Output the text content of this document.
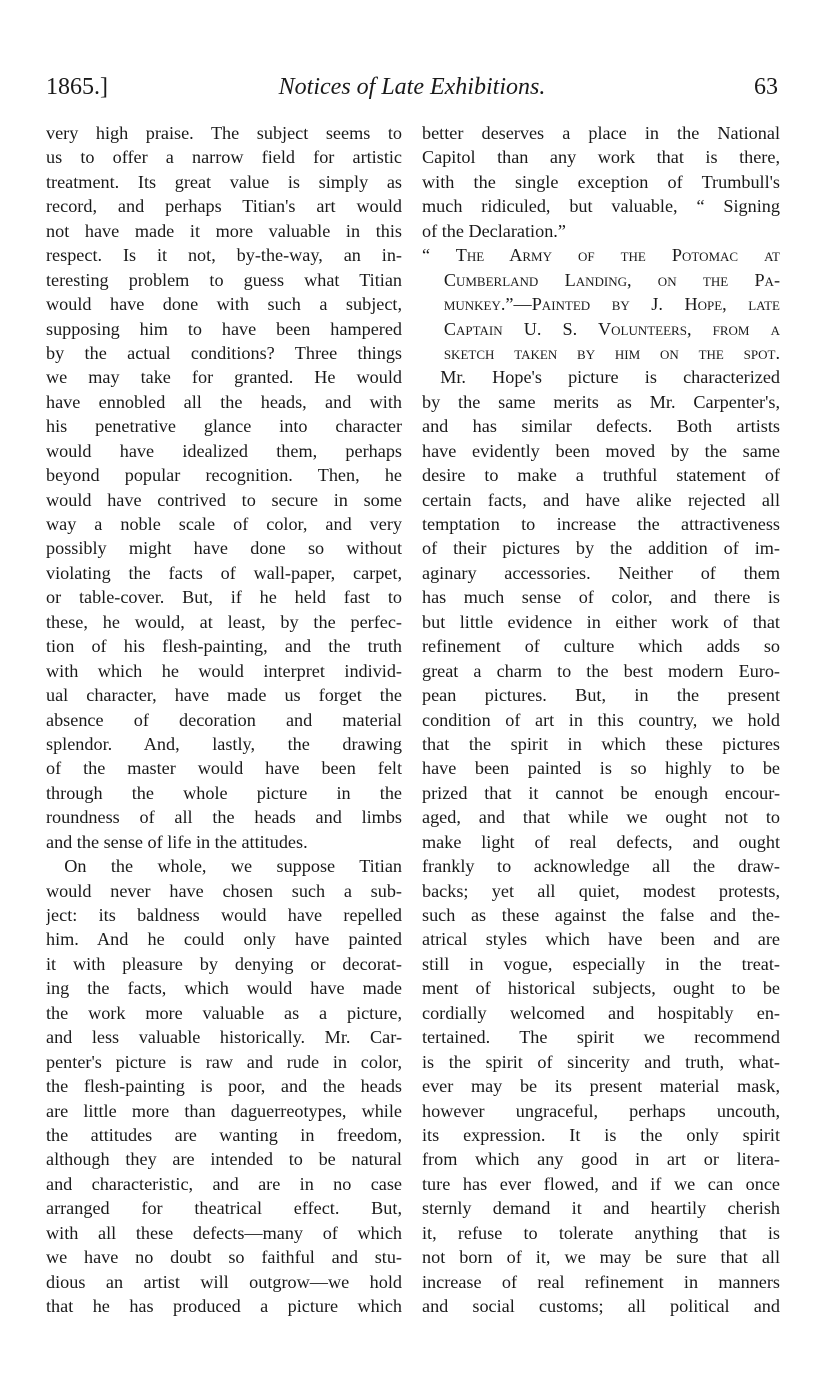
1865.]	Notices of Late Exhibitions.	63
very high praise. The subject seems to
us to offer a narrow field for artistic
treatment. Its great value is simply as
record, and perhaps Titian's art would
not have made it more valuable in this
respect. Is it not, by-the-way, an in-
teresting problem to guess what Titian
would have done with such a subject,
supposing him to have been hampered
by the actual conditions? Three things
we may take for granted. He would
have ennobled all the heads, and with
his penetrative glance into character
would have idealized them, perhaps
beyond popular recognition. Then, he
would have contrived to secure in some
way a noble scale of color, and very
possibly might have done so without
violating the facts of wall-paper, carpet,
or table-cover. But, if he held fast to
these, he would, at least, by the perfec-
tion of his flesh-painting, and the truth
with which he would interpret individ-
ual character, have made us forget the
absence of decoration and material
splendor. And, lastly, the drawing
of the master would have been felt
through the whole picture in the
roundness of all the heads and limbs
and the sense of life in the attitudes.
On the whole, we suppose Titian
would never have chosen such a sub-
ject: its baldness would have repelled
him. And he could only have painted
it with pleasure by denying or decorat-
ing the facts, which would have made
the work more valuable as a picture,
and less valuable historically. Mr. Car-
penter's picture is raw and rude in color,
the flesh-painting is poor, and the heads
are little more than daguerreotypes, while
the attitudes are wanting in freedom,
although they are intended to be natural
and characteristic, and are in no case
arranged for theatrical effect. But,
with all these defects—many of which
we have no doubt so faithful and stu-
dious an artist will outgrow—we hold
that he has produced a picture which
better deserves a place in the National
Capitol than any work that is there,
with the single exception of Trumbull's
much ridiculed, but valuable, “ Signing
of the Declaration.”
“ The Army of the Potomac at
Cumberland Landing, on the Pa-
munkey.”—Painted by J. Hope, late
Captain U. S. Volunteers, from a
sketch taken by him on the spot.
Mr. Hope's picture is characterized
by the same merits as Mr. Carpenter's,
and has similar defects. Both artists
have evidently been moved by the same
desire to make a truthful statement of
certain facts, and have alike rejected all
temptation to increase the attractiveness
of their pictures by the addition of im-
aginary accessories. Neither of them
has much sense of color, and there is
but little evidence in either work of that
refinement of culture which adds so
great a charm to the best modern Euro-
pean pictures. But, in the present
condition of art in this country, we hold
that the spirit in which these pictures
have been painted is so highly to be
prized that it cannot be enough encour-
aged, and that while we ought not to
make light of real defects, and ought
frankly to acknowledge all the draw-
backs; yet all quiet, modest protests,
such as these against the false and the-
atrical styles which have been and are
still in vogue, especially in the treat-
ment of historical subjects, ought to be
cordially welcomed and hospitably en-
tertained. The spirit we recommend
is the spirit of sincerity and truth, what-
ever may be its present material mask,
however ungraceful, perhaps uncouth,
its expression. It is the only spirit
from which any good in art or litera-
ture has ever flowed, and if we can once
sternly demand it and heartily cherish
it, refuse to tolerate anything that is
not born of it, we may be sure that all
increase of real refinement in manners
and social customs; all political and
